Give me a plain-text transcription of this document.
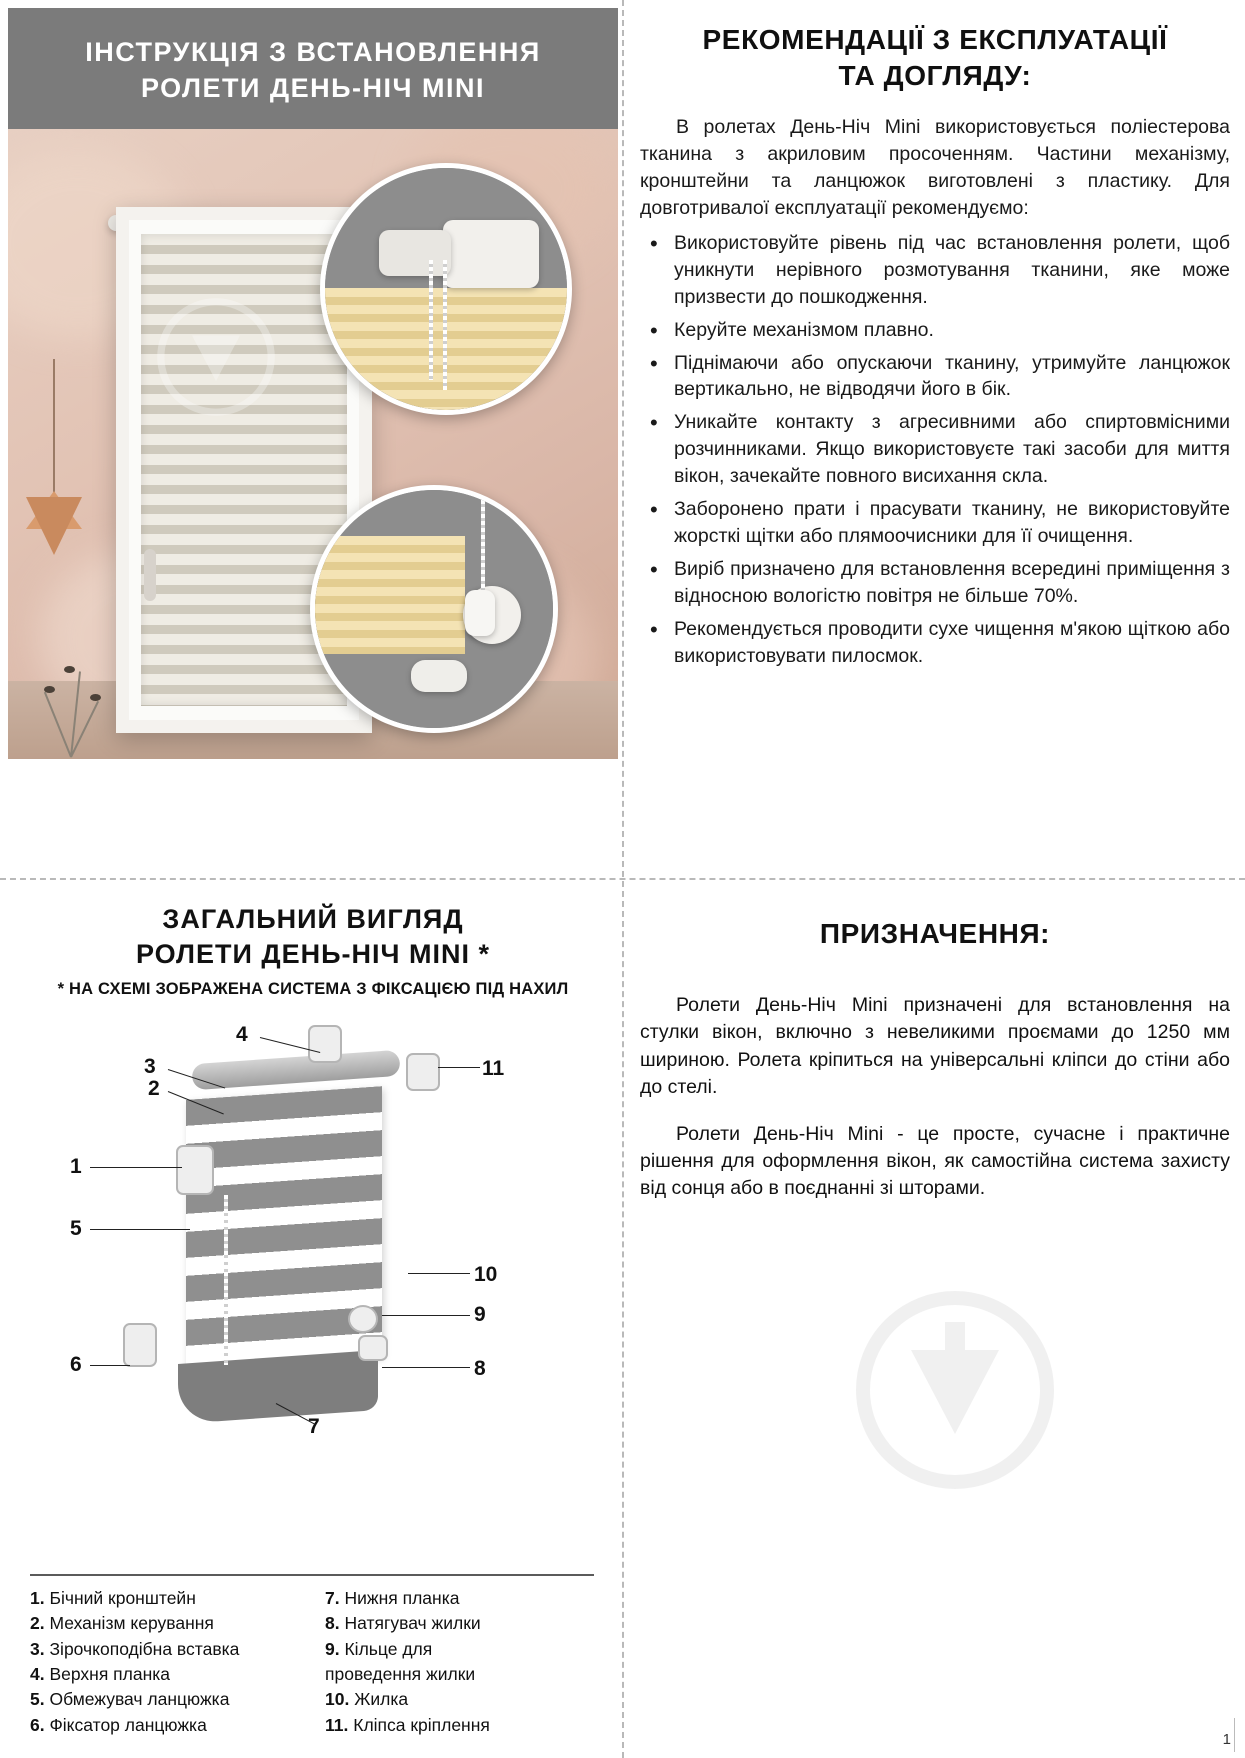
ІНСТРУКЦІЯ З ВСТАНОВЛЕННЯ
РОЛЕТИ ДЕНЬ-НІЧ MINI
РЕКОМЕНДАЦІЇ З ЕКСПЛУАТАЦІЇ
ТА ДОГЛЯДУ:

В ролетах День-Ніч Mini використовується поліестерова тканина з акриловим просоченням. Частини механізму, кронштейни та ланцюжок виготовлені з пластику. Для довготривалої експлуатації рекомендуємо:

• Використовуйте рівень під час встановлення ролети, щоб уникнути нерівного розмотування тканини, яке може призвести до пошкодження.
• Керуйте механізмом плавно.
• Піднімаючи або опускаючи тканину, утримуйте ланцюжок вертикально, не відводячи його в бік.
• Уникайте контакту з агресивними або спиртовмісними розчинниками. Якщо використовуєте такі засоби для миття вікон, зачекайте повного висихання скла.
• Заборонено прати і прасувати тканину, не використовуйте жорсткі щітки або плямоочисники для її очищення.
• Виріб призначено для встановлення всередині приміщення з відносною вологістю повітря не більше 70%.
• Рекомендується проводити сухе чищення м'якою щіткою або використовувати пилосмок.
ЗАГАЛЬНИЙ ВИГЛЯД
РОЛЕТИ ДЕНЬ-НІЧ MINI *
* НА СХЕМІ ЗОБРАЖЕНА СИСТЕМА З ФІКСАЦІЄЮ ПІД НАХИЛ
4
3
2
1
5
6
7
8
9
10
11
1. Бічний кронштейн
2. Механізм керування
3. Зірочкоподібна вставка
4. Верхня планка
5. Обмежувач ланцюжка
6. Фіксатор ланцюжка
7. Нижня планка
8. Натягувач жилки
9. Кільце для
проведення жилки
10. Жилка
11. Кліпса кріплення
ПРИЗНАЧЕННЯ:

Ролети День-Ніч Mini призначені для встановлення на стулки вікон, включно з невеликими проємами до 1250 мм шириною. Ролета кріпиться на універсальні кліпси до стіни або до стелі.

Ролети День-Ніч Mini - це просте, сучасне і практичне рішення для оформлення вікон, як самостійна система захисту від сонця або в поєднанні зі шторами.

1
